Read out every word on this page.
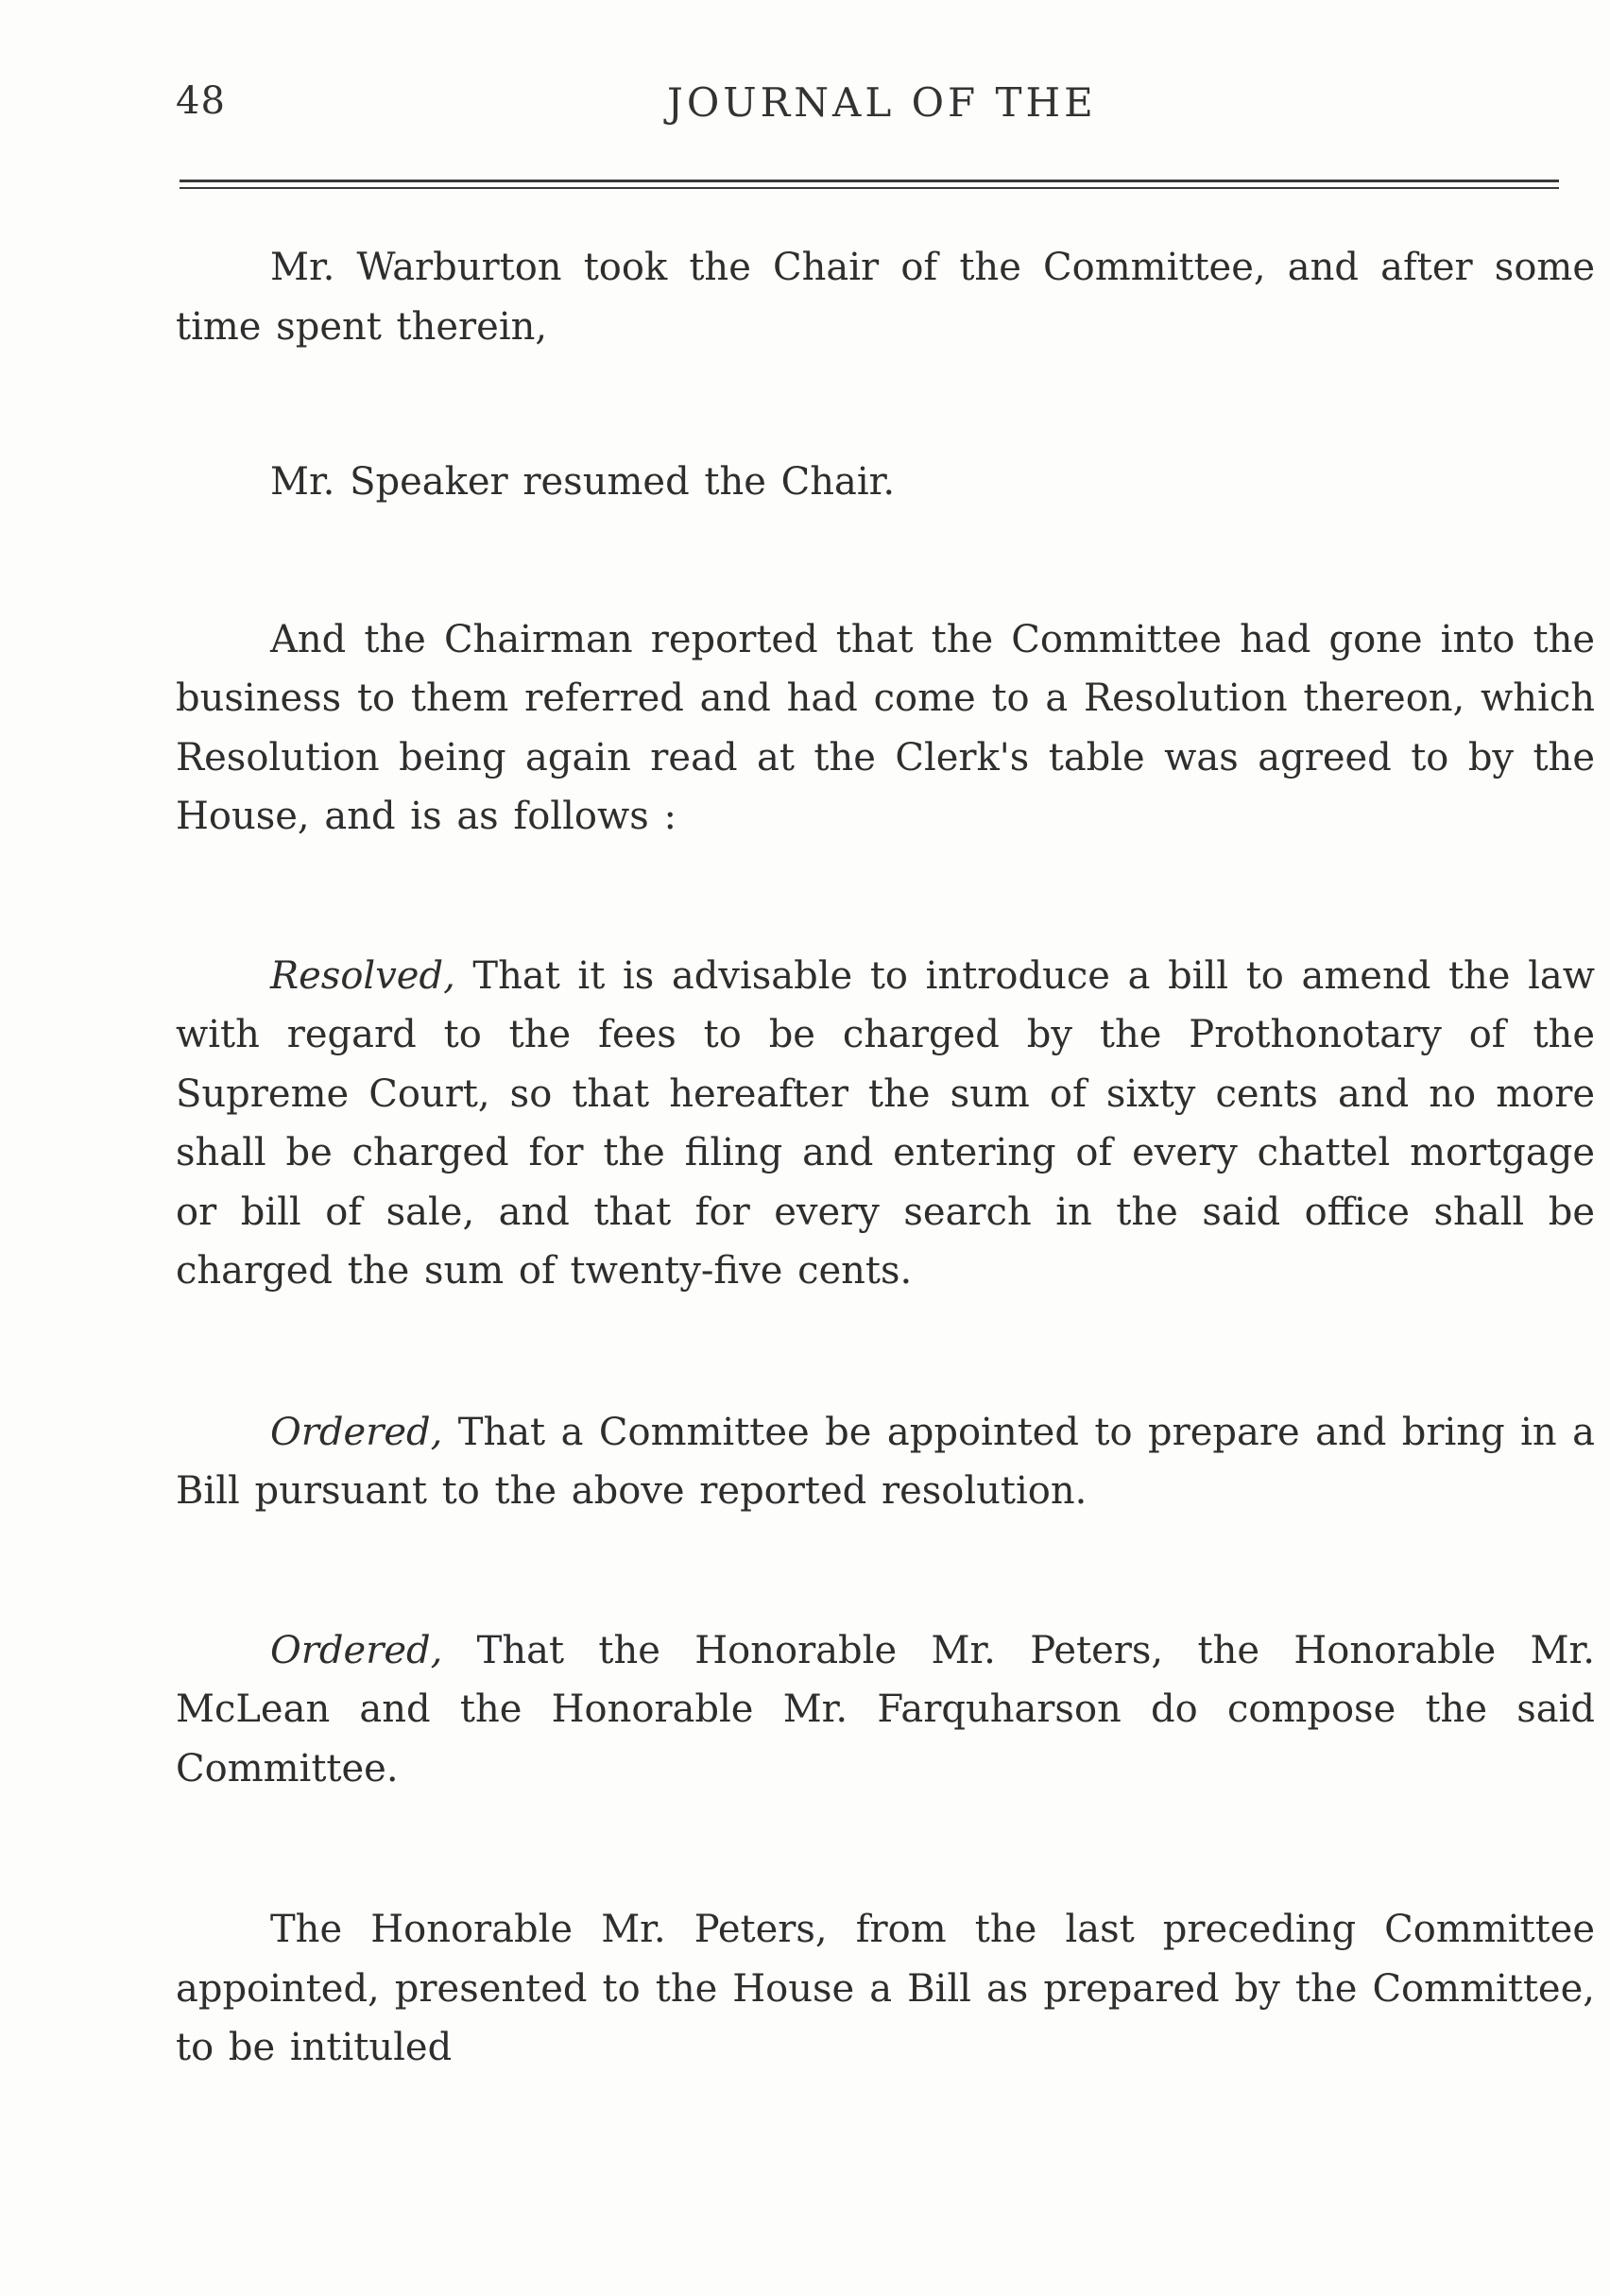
48	JOURNAL OF THE

Mr. Warburton took the Chair of the Committee, and after some time spent therein,

Mr. Speaker resumed the Chair.

And the Chairman reported that the Committee had gone into the business to them referred and had come to a Resolution thereon, which Resolution being again read at the Clerk's table was agreed to by the House, and is as follows :

Resolved, That it is advisable to introduce a bill to amend the law with regard to the fees to be charged by the Prothonotary of the Supreme Court, so that hereafter the sum of sixty cents and no more shall be charged for the filing and entering of every chattel mortgage or bill of sale, and that for every search in the said office shall be charged the sum of twenty-five cents.

Ordered, That a Committee be appointed to prepare and bring in a Bill pursuant to the above reported resolution.

Ordered, That the Honorable Mr. Peters, the Honorable Mr. McLean and the Honorable Mr. Farquharson do compose the said Committee.

The Honorable Mr. Peters, from the last preceding Committee appointed, presented to the House a Bill as prepared by the Committee, to be intituled
